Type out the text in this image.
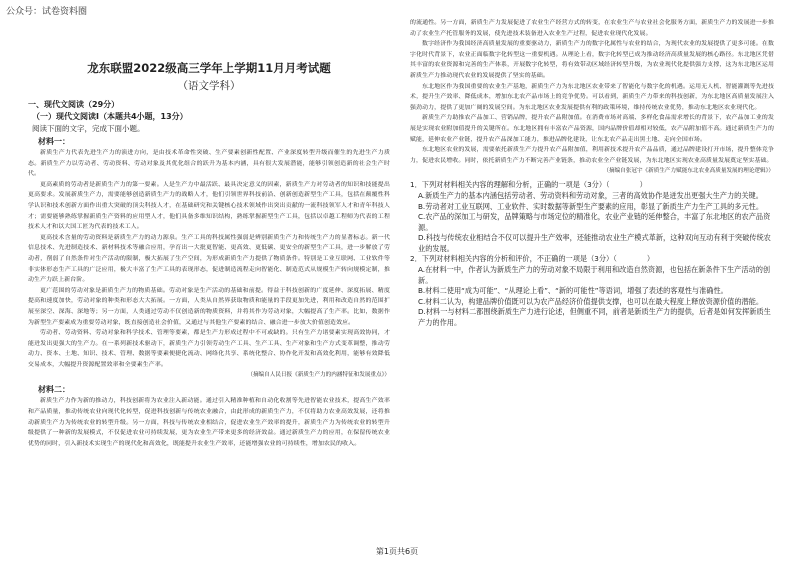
公众号：试卷资料圈
龙东联盟2022级高三学年上学期11月月考试题
（语文学科）
一、现代文阅读（29分）
（一）现代文阅读Ⅰ（本题共4小题，13分）
阅读下面的文字，完成下面小题。
材料一：

新质生产力代表先进生产力的演进方向，是由技术革命性突破、生产要素创新性配置、产业深度转型升级而催生的先进生产力质态。新质生产力以劳动者、劳动资料、劳动对象及其优化组合的跃升为基本内涵，具有很大发展潜能，能够引领创造新的社会生产时代。

更高素质的劳动者是新质生产力的第一要素。人是生产力中最活跃、最具决定意义的因素，新质生产力对劳动者的知识和技能提出更高要求。发展新质生产力，需要能够创造新质生产力的战略人才，他们引领世界科技前沿、创新创造新型生产工具，包括在颠覆性科学认识和技术创新方面作出重大突破的顶尖科技人才，在基础研究和关键核心技术领域作出突出贡献的一流科技领军人才和青年科技人才；需要能够熟练掌握新质生产资料的应用型人才，他们具备多维知识结构，熟练掌握新型生产工具，包括以卓越工程师为代表的工程技术人才和以大国工匠为代表的技术工人。

更高技术含量的劳动资料是新质生产力的动力源泉。生产工具的科技属性强弱是辨别新质生产力和传统生产力的显著标志。新一代信息技术、先进制造技术、新材料技术等融合应用，孕育出一大批更智能、更高效、更低碳、更安全的新型生产工具，进一步解放了劳动者，削弱了自然条件对生产活动的限制，极大拓展了生产空间，为形成新质生产力提供了物质条件。特别是工业互联网、工业软件等非实体形态生产工具的广泛应用，极大丰富了生产工具的表现形态，促进制造流程走向智能化、制造范式从规模生产转向规模定制，推动生产力跃上新台阶。

更广范围的劳动对象是新质生产力的物质基础。劳动对象是生产活动的基础和前提。得益于科技创新的广度延伸、深度拓展、精度提高和速度加快，劳动对象的种类和形态大大拓展。一方面，人类从自然界获取物质和能量的手段更加先进，利用和改造自然的范围扩展至深空、深海、深地等；另一方面，人类通过劳动不仅创造新的物质资料，并将其作为劳动对象，大幅提高了生产率。比如，数据作为新型生产要素成为重要劳动对象，既直接创造社会价值，又通过与其他生产要素的结合、融合进一步放大价值创造效应。

劳动者、劳动资料、劳动对象和科学技术、管理等要素，都是生产力形成过程中不可或缺的。只有生产力诸要素实现高效协同，才能迸发出更强大的生产力。在一系列新技术驱动下，新质生产力引领劳动生产工具、生产工具、生产对象和生产方式变革调整，推动劳动力、资本、土地、知识、技术、管理、数据等要素便捷化流动、网络化共享、系统化整合、协作化开发和高效化利用，能够有效降低交易成本，大幅提升资源配置效率和全要素生产率。

（摘编自人民日报《新质生产力的内涵特征和发展重点》）

材料二：

新质生产力作为新的推动力，科技创新将为农业注入新动能。通过引入精准种植和自动化收割等先进智能农业技术，提高生产效率和产品质量，推动传统农业向现代化转型，促进科技创新与传统农业融合，由此形成的新质生产力，不仅将助力农业高效发展，还将推动新质生产力为传统农业的转型升级。另一方面，科技与传统农业相结合，促进农业生产效率的提升，新质生产力为传统农业的转型升级提供了一种新的发展模式，不仅促进农业可持续发展，更为农业生产带来更多的经济效益。通过新质生产力的应用，在保留传统农业优势的同时，引入新技术实现生产的现代化和高效化，既能提升农业生产效率，还能增强农业的可持续性，增加农民的收入。

的流通性。另一方面，新质生产力发展促进了农业生产经营方式的转变，在农业生产与农业社会化服务方面，新质生产力的发展进一步推动了农业生产托管服务的发展，使先进技术装备进入农业生产过程，促进农业现代化发展。

数字经济作为我国经济高质量发展的重要驱动力，新质生产力的数字化属性与农业的结合，为现代农业的发展提供了更多可能。在数字化时代背景下，农业正面临数字化转型这一重要机遇。从理论上看，数字化转型已成为推动经济高质量发展的核心路径。东北地区凭借其丰富的农业资源和完善的生产体系，开展数字化转型，将有效带动区域经济转型升级，为农业现代化提供强力支撑，这为东北地区运用新质生产力推动现代农业的发展提供了坚实的基础。

东北地区作为我国重要的农业生产基地，新质生产力为东北地区农业带来了智能化与数字化的机遇。运用无人机、智能灌溉等先进技术，提升生产效率、降低成本，增加东北农产品市场上的竞争优势。可以看到，新质生产力带来的科技创新，为东北地区高质量发展注入强劲动力，提供了更加广阔的发展空间。为东北地区农业发展提供有利的政策环境，维持传统农业优势，推动东北地区农业现代化。

新质生产力助推农产品加工、营销品牌，提升农产品附加值。在消费市场对高端、多样化食品需求增长的背景下，农产品加工业的发展是实现农业附加值提升的关键所在。东北地区拥有丰富农产品资源，国内品牌价值却相对较低，农产品附加值不高。通过新质生产力的赋能，延伸农业产业链，提升农产品深加工能力，推进品牌化建设，让东北农产品走出黑土地、走向全国市场。

东北地区农业的发展，需要依托新质生产力提升农产品附加值，利用新技术提升农产品品质，通过品牌建设打开市场，提升整体竞争力，促进农民增收。同时，依托新质生产力不断完善产业链条，推动农业全产业链发展，为东北地区实现农业高质量发展奠定坚实基础。

（摘编自张冠宇《新质生产力赋能东北农业高质量发展的理论逻辑》）

1．下列对材料相关内容的理解和分析，正确的一项是（3分）（	）

A.新质生产力的基本内涵包括劳动者、劳动资料和劳动对象，三者的高效协作是迸发出更强大生产力的关键。

B.劳动者对工业互联网、工业软件、实时数据等新型生产要素的应用，彰显了新质生产力生产工具的多元性。

C.农产品的深加工与研发，品牌策略与市场定位的精准化，农业产业链的延伸整合，丰富了东北地区的农产品资源。

D.科技与传统农业相结合不仅可以提升生产效率，还能推动农业生产模式革新，这种双向互动有利于突破传统农业的发展。

2．下列对材料相关内容的分析和评价，不正确的一项是（3分）（	）

A.在材料一中，作者认为新质生产力的劳动对象不局限于利用和改造自然资源，也包括在新条件下生产活动的创新。

B.材料二使用“成为可能”、“从理论上看”、“新的可能性”等语词，增强了表述的客观性与准确性。

C.材料二认为，构建品牌价值既可以为农产品经济价值提供支撑，也可以在最大程度上释放资源价值的潜能。

D.材料一与材料二都围绕新质生产力进行论述，但侧重不同，前者是新质生产力的提供，后者是如何发挥新质生产力的作用。

第1页共6页
